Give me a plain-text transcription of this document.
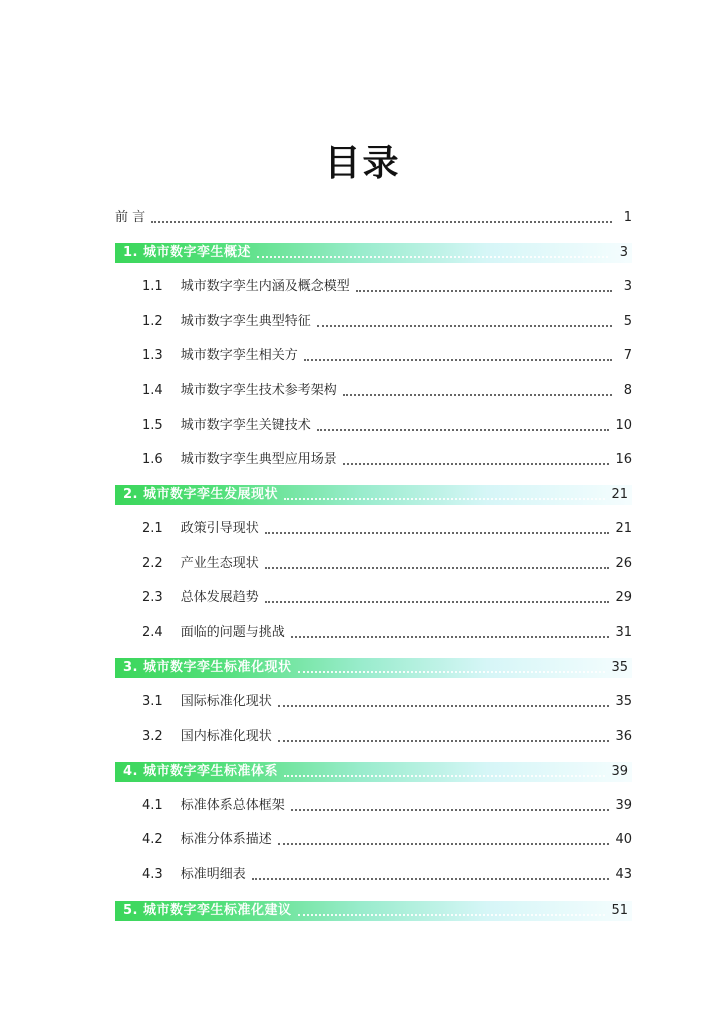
目录
前 言	1
1. 城市数字孪生概述	3
1.1 城市数字孪生内涵及概念模型	3
1.2 城市数字孪生典型特征	5
1.3 城市数字孪生相关方	7
1.4 城市数字孪生技术参考架构	8
1.5 城市数字孪生关键技术	10
1.6 城市数字孪生典型应用场景	16
2. 城市数字孪生发展现状	21
2.1 政策引导现状	21
2.2 产业生态现状	26
2.3 总体发展趋势	29
2.4 面临的问题与挑战	31
3. 城市数字孪生标准化现状	35
3.1 国际标准化现状	35
3.2 国内标准化现状	36
4. 城市数字孪生标准体系	39
4.1 标准体系总体框架	39
4.2 标准分体系描述	40
4.3 标准明细表	43
5. 城市数字孪生标准化建议	51
